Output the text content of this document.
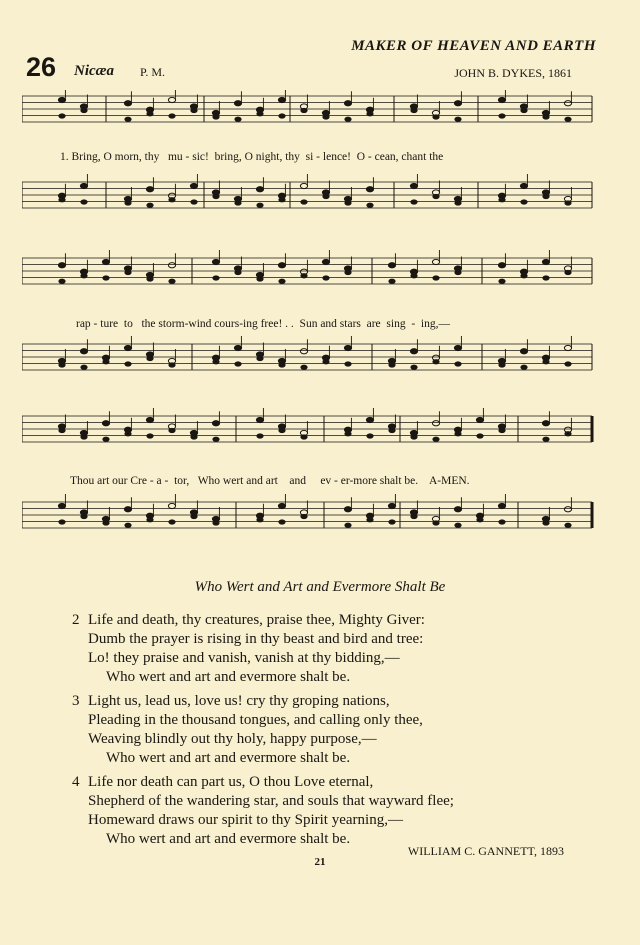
MAKER OF HEAVEN AND EARTH
26 Nicæa P. M.	JOHN B. DYKES, 1861
1. Bring, O morn, thy   mu - sic!  bring, O night, thy  si - lence!  O - cean, chant the
rap - ture  to   the storm-wind cours-ing free! . .  Sun and stars  are  sing  -  ing,—
Thou art our Cre - a -  tor,   Who wert and art    and     ev - er-more shalt be.    A-MEN.
Who Wert and Art and Evermore Shalt Be
2 Life and death, thy creatures, praise thee, Mighty Giver:
Dumb the prayer is rising in thy beast and bird and tree:
Lo! they praise and vanish, vanish at thy bidding,—
Who wert and art and evermore shalt be.
3 Light us, lead us, love us! cry thy groping nations,
Pleading in the thousand tongues, and calling only thee,
Weaving blindly out thy holy, happy purpose,—
Who wert and art and evermore shalt be.
4 Life nor death can part us, O thou Love eternal,
Shepherd of the wandering star, and souls that wayward flee;
Homeward draws our spirit to thy Spirit yearning,—
Who wert and art and evermore shalt be.
WILLIAM C. GANNETT, 1893
21
